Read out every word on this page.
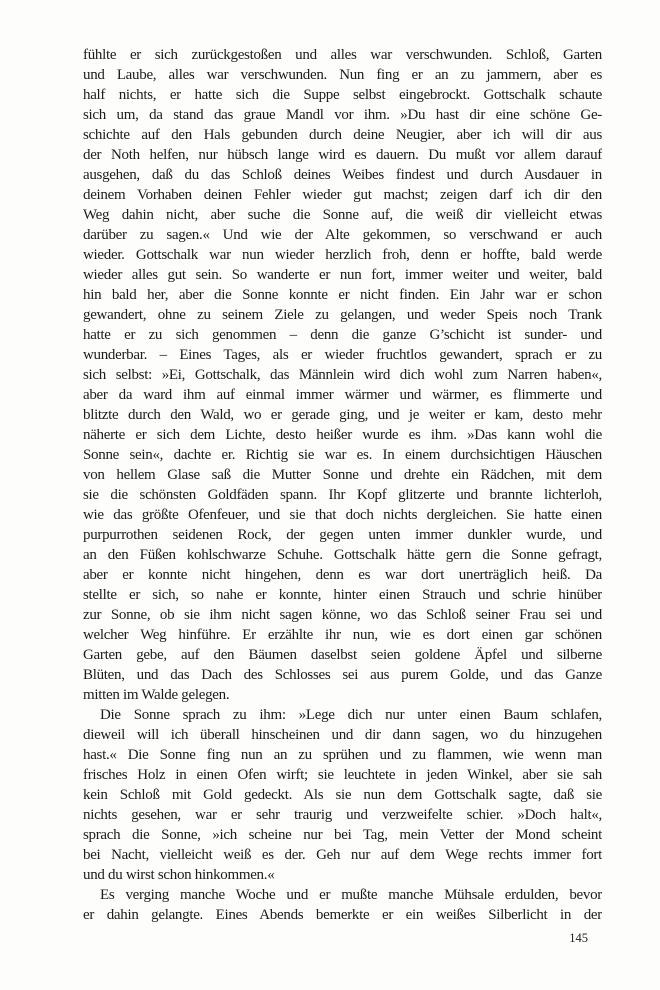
fühlte er sich zurückgestoßen und alles war verschwunden. Schloß, Garten
und Laube, alles war verschwunden. Nun fing er an zu jammern, aber es
half nichts, er hatte sich die Suppe selbst eingebrockt. Gottschalk schaute
sich um, da stand das graue Mandl vor ihm. »Du hast dir eine schöne Ge-
schichte auf den Hals gebunden durch deine Neugier, aber ich will dir aus
der Noth helfen, nur hübsch lange wird es dauern. Du mußt vor allem darauf
ausgehen, daß du das Schloß deines Weibes findest und durch Ausdauer in
deinem Vorhaben deinen Fehler wieder gut machst; zeigen darf ich dir den
Weg dahin nicht, aber suche die Sonne auf, die weiß dir vielleicht etwas
darüber zu sagen.« Und wie der Alte gekommen, so verschwand er auch
wieder. Gottschalk war nun wieder herzlich froh, denn er hoffte, bald werde
wieder alles gut sein. So wanderte er nun fort, immer weiter und weiter, bald
hin bald her, aber die Sonne konnte er nicht finden. Ein Jahr war er schon
gewandert, ohne zu seinem Ziele zu gelangen, und weder Speis noch Trank
hatte er zu sich genommen – denn die ganze G’schicht ist sunder- und
wunderbar. – Eines Tages, als er wieder fruchtlos gewandert, sprach er zu
sich selbst: »Ei, Gottschalk, das Männlein wird dich wohl zum Narren haben«,
aber da ward ihm auf einmal immer wärmer und wärmer, es flimmerte und
blitzte durch den Wald, wo er gerade ging, und je weiter er kam, desto mehr
näherte er sich dem Lichte, desto heißer wurde es ihm. »Das kann wohl die
Sonne sein«, dachte er. Richtig sie war es. In einem durchsichtigen Häuschen
von hellem Glase saß die Mutter Sonne und drehte ein Rädchen, mit dem
sie die schönsten Goldfäden spann. Ihr Kopf glitzerte und brannte lichterloh,
wie das größte Ofenfeuer, und sie that doch nichts dergleichen. Sie hatte einen
purpurrothen seidenen Rock, der gegen unten immer dunkler wurde, und
an den Füßen kohlschwarze Schuhe. Gottschalk hätte gern die Sonne gefragt,
aber er konnte nicht hingehen, denn es war dort unerträglich heiß. Da
stellte er sich, so nahe er konnte, hinter einen Strauch und schrie hinüber
zur Sonne, ob sie ihm nicht sagen könne, wo das Schloß seiner Frau sei und
welcher Weg hinführe. Er erzählte ihr nun, wie es dort einen gar schönen
Garten gebe, auf den Bäumen daselbst seien goldene Äpfel und silberne
Blüten, und das Dach des Schlosses sei aus purem Golde, und das Ganze
mitten im Walde gelegen.
Die Sonne sprach zu ihm: »Lege dich nur unter einen Baum schlafen,
dieweil will ich überall hinscheinen und dir dann sagen, wo du hinzugehen
hast.« Die Sonne fing nun an zu sprühen und zu flammen, wie wenn man
frisches Holz in einen Ofen wirft; sie leuchtete in jeden Winkel, aber sie sah
kein Schloß mit Gold gedeckt. Als sie nun dem Gottschalk sagte, daß sie
nichts gesehen, war er sehr traurig und verzweifelte schier. »Doch halt«,
sprach die Sonne, »ich scheine nur bei Tag, mein Vetter der Mond scheint
bei Nacht, vielleicht weiß es der. Geh nur auf dem Wege rechts immer fort
und du wirst schon hinkommen.«
Es verging manche Woche und er mußte manche Mühsale erdulden, bevor
er dahin gelangte. Eines Abends bemerkte er ein weißes Silberlicht in der
145
